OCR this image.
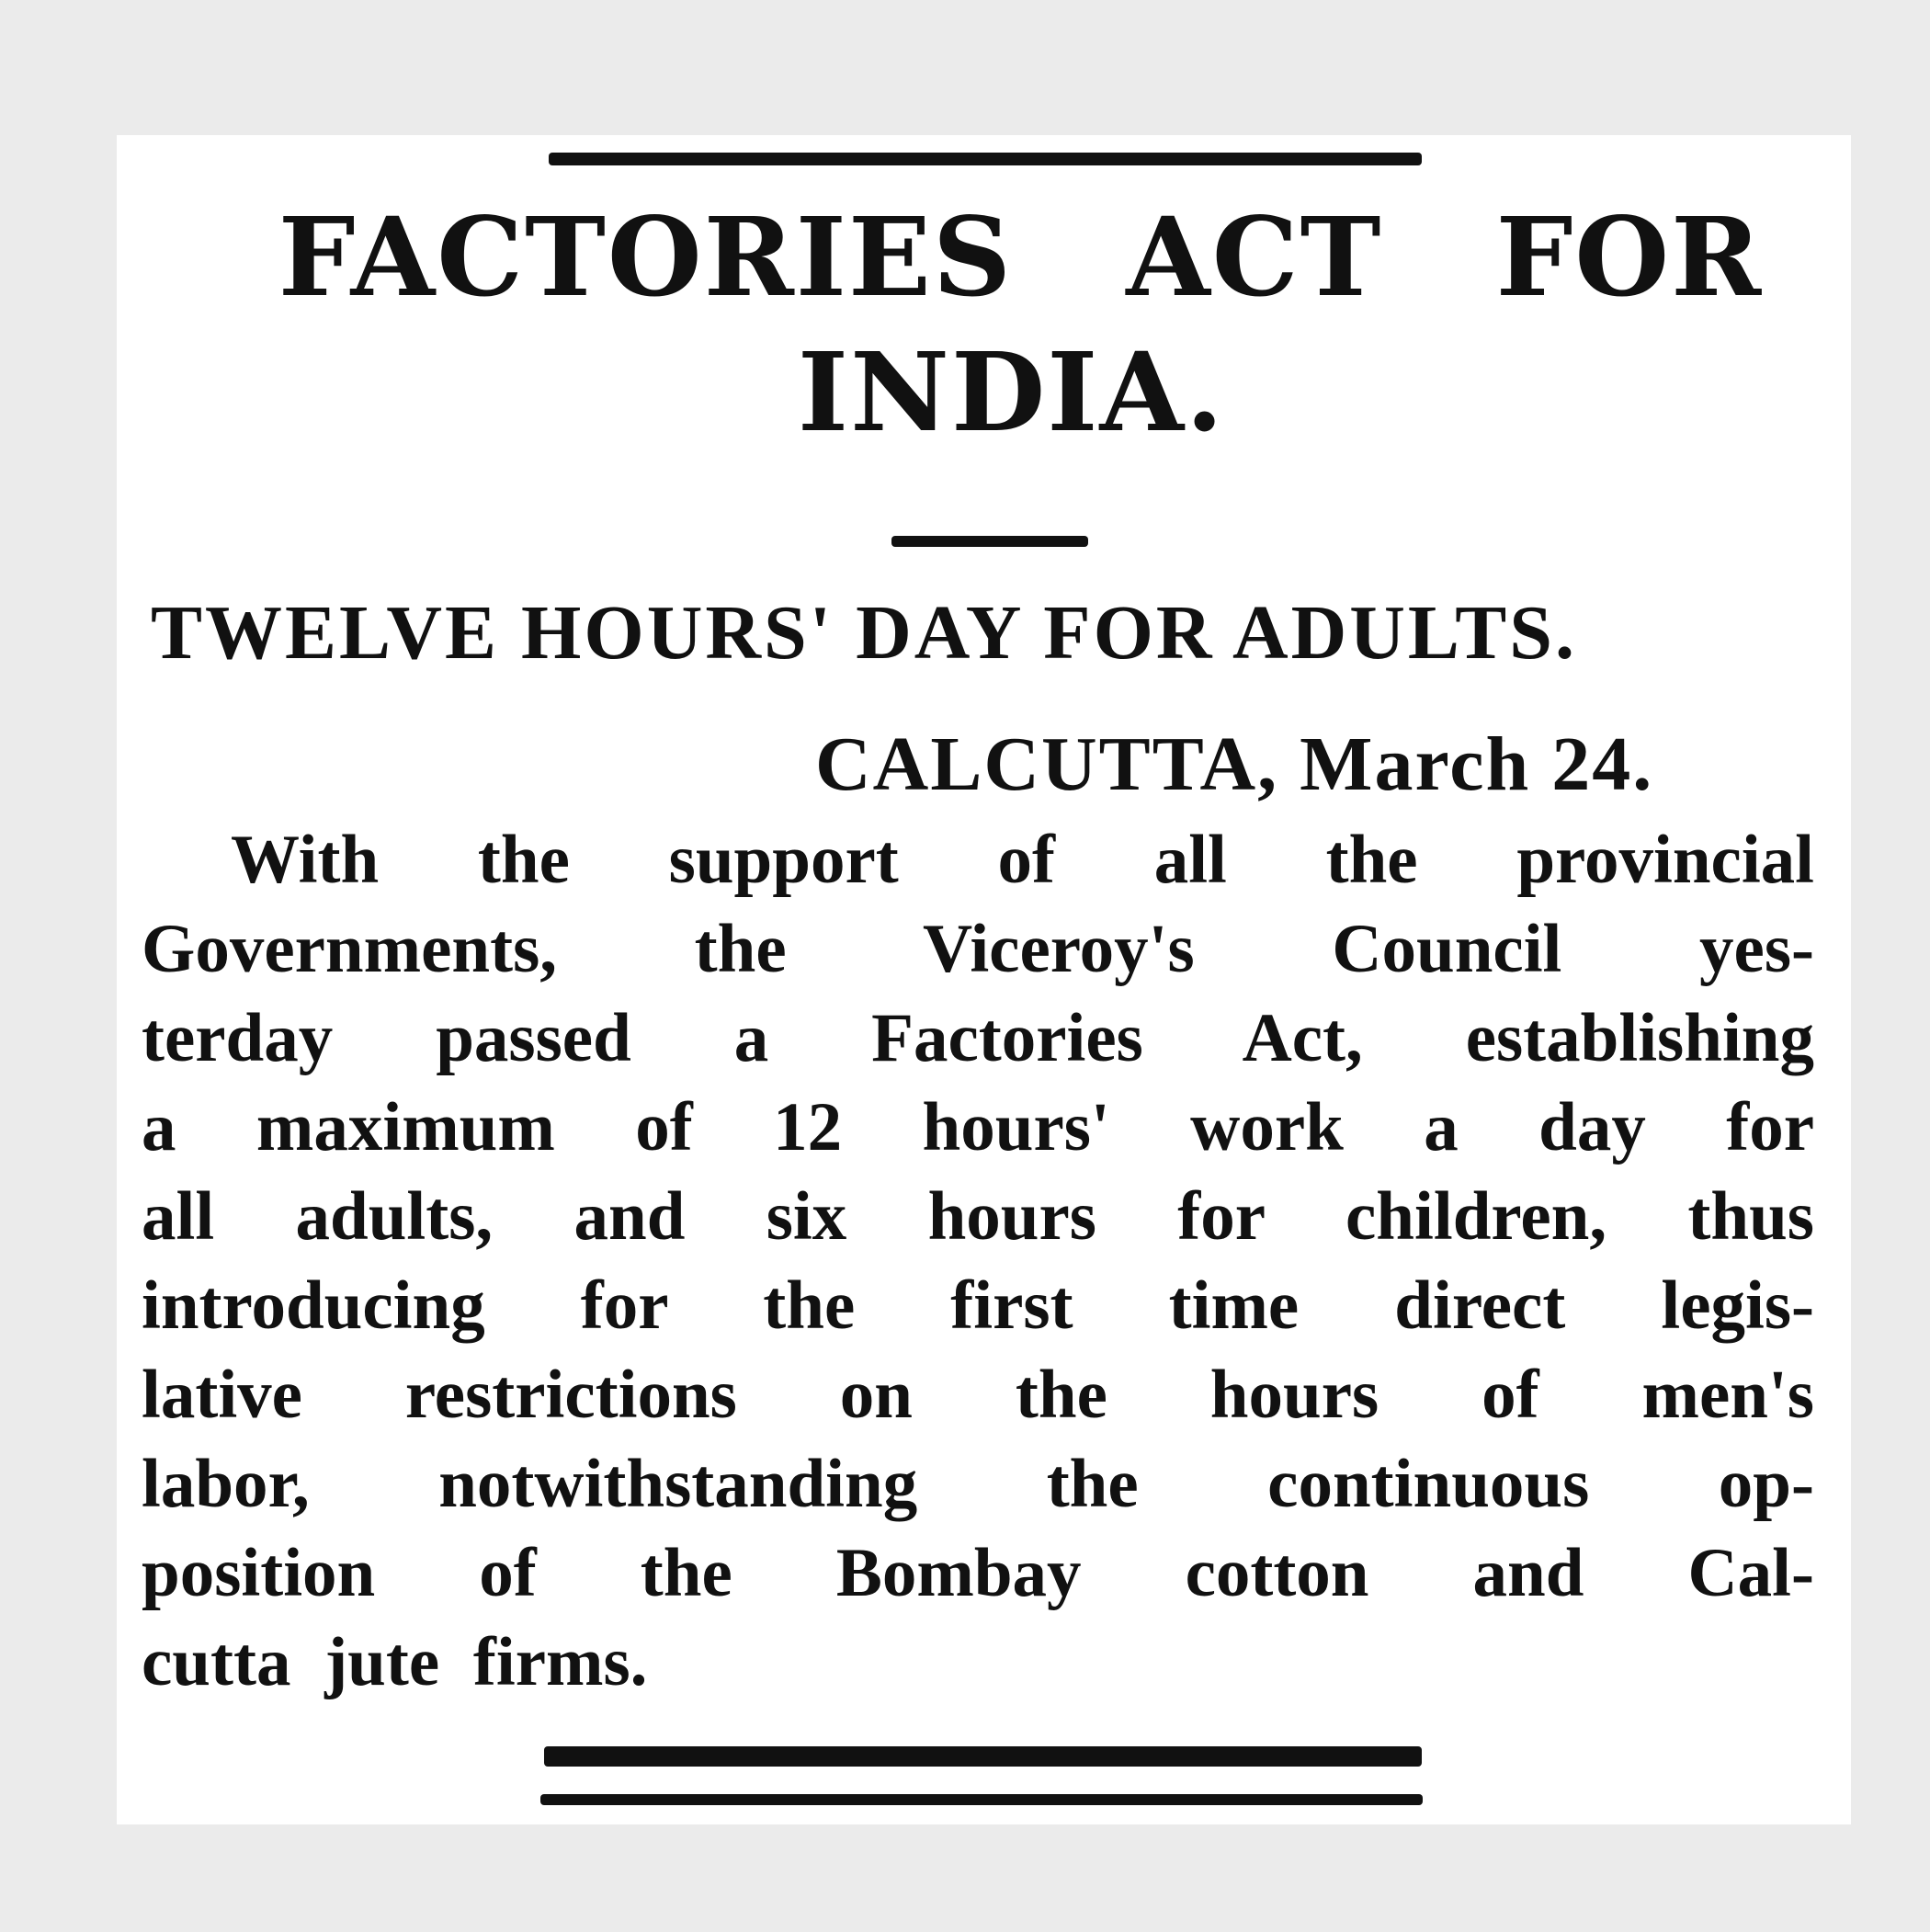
FACTORIES ACT FOR
INDIA.
TWELVE HOURS' DAY FOR ADULTS.

CALCUTTA, March 24.

With the support of all the provincial
Governments, the Viceroy's Council yes-
terday passed a Factories Act, establishing
a maximum of 12 hours' work a day for
all adults, and six hours for children, thus
introducing for the first time direct legis-
lative restrictions on the hours of men's
labor, notwithstanding the continuous op-
position of the Bombay cotton and Cal-
cutta jute firms.
